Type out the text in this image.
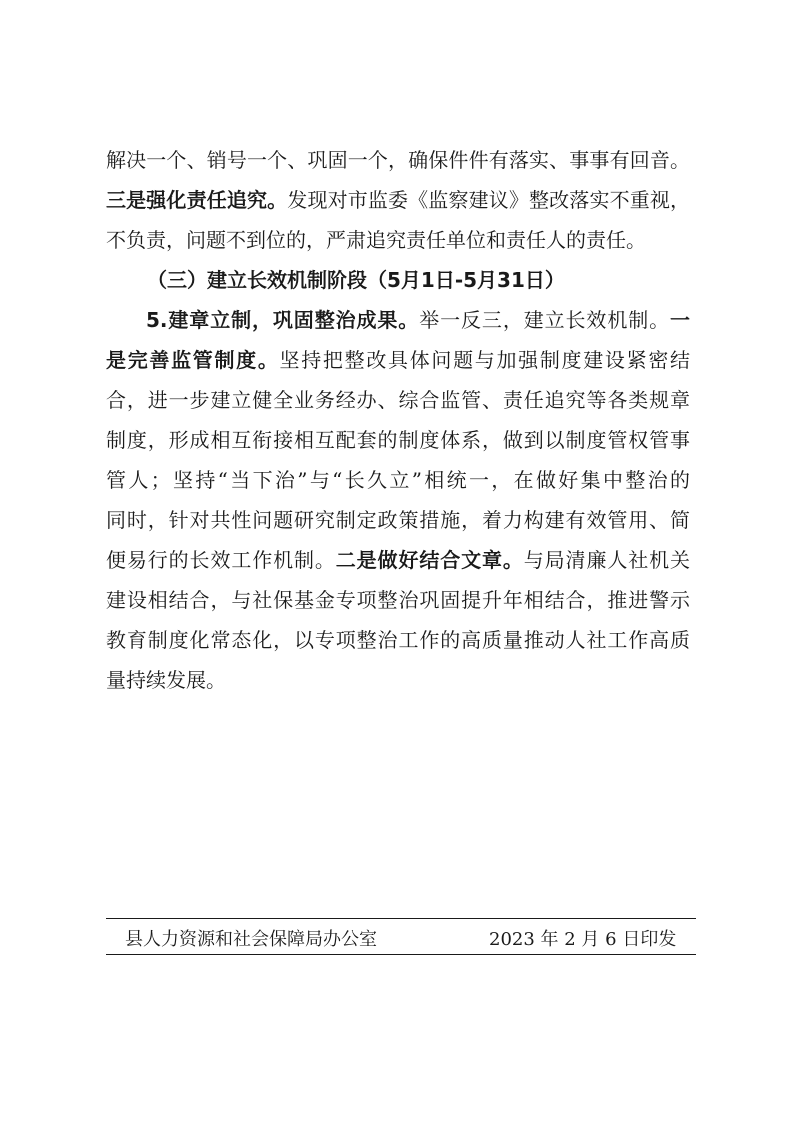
解决一个、销号一个、巩固一个，确保件件有落实、事事有回音。
三是强化责任追究。发现对市监委《监察建议》整改落实不重视，
不负责，问题不到位的，严肃追究责任单位和责任人的责任。
（三）建立长效机制阶段（5月1日-5月31日）
5.建章立制，巩固整治成果。举一反三，建立长效机制。一
是完善监管制度。坚持把整改具体问题与加强制度建设紧密结
合，进一步建立健全业务经办、综合监管、责任追究等各类规章
制度，形成相互衔接相互配套的制度体系，做到以制度管权管事
管人；坚持“当下治”与“长久立”相统一，在做好集中整治的
同时，针对共性问题研究制定政策措施，着力构建有效管用、简
便易行的长效工作机制。二是做好结合文章。与局清廉人社机关
建设相结合，与社保基金专项整治巩固提升年相结合，推进警示
教育制度化常态化，以专项整治工作的高质量推动人社工作高质
量持续发展。
县人力资源和社会保障局办公室	2023 年 2 月 6 日印发
